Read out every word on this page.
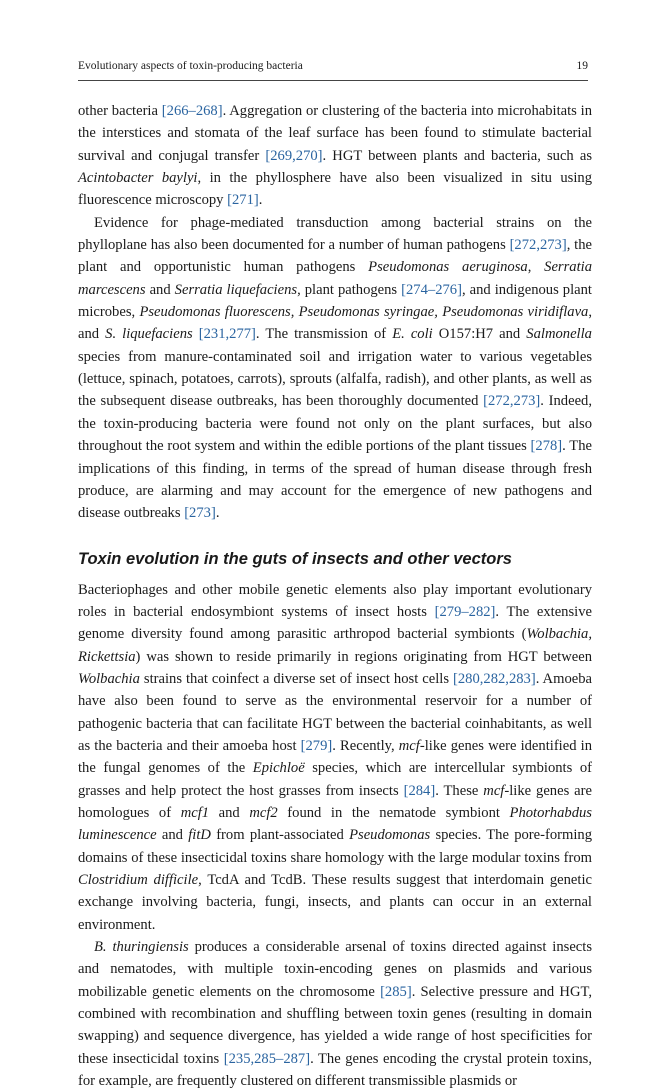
Evolutionary aspects of toxin-producing bacteria	19

other bacteria [266–268]. Aggregation or clustering of the bacteria into microhabitats in the interstices and stomata of the leaf surface has been found to stimulate bacterial survival and conjugal transfer [269,270]. HGT between plants and bacteria, such as Acintobacter baylyi, in the phyllosphere have also been visualized in situ using fluorescence microscopy [271].

Evidence for phage-mediated transduction among bacterial strains on the phylloplane has also been documented for a number of human pathogens [272,273], the plant and opportunistic human pathogens Pseudomonas aeruginosa, Serratia marcescens and Serratia liquefaciens, plant pathogens [274–276], and indigenous plant microbes, Pseudomonas fluorescens, Pseudomonas syringae, Pseudomonas viridiflava, and S. liquefaciens [231,277]. The transmission of E. coli O157:H7 and Salmonella species from manure-contaminated soil and irrigation water to various vegetables (lettuce, spinach, potatoes, carrots), sprouts (alfalfa, radish), and other plants, as well as the subsequent disease outbreaks, has been thoroughly documented [272,273]. Indeed, the toxin-producing bacteria were found not only on the plant surfaces, but also throughout the root system and within the edible portions of the plant tissues [278]. The implications of this finding, in terms of the spread of human disease through fresh produce, are alarming and may account for the emergence of new pathogens and disease outbreaks [273].

Toxin evolution in the guts of insects and other vectors

Bacteriophages and other mobile genetic elements also play important evolutionary roles in bacterial endosymbiont systems of insect hosts [279–282]. The extensive genome diversity found among parasitic arthropod bacterial symbionts (Wolbachia, Rickettsia) was shown to reside primarily in regions originating from HGT between Wolbachia strains that coinfect a diverse set of insect host cells [280,282,283]. Amoeba have also been found to serve as the environmental reservoir for a number of pathogenic bacteria that can facilitate HGT between the bacterial coinhabitants, as well as the bacteria and their amoeba host [279]. Recently, mcf-like genes were identified in the fungal genomes of the Epichloë species, which are intercellular symbionts of grasses and help protect the host grasses from insects [284]. These mcf-like genes are homologues of mcf1 and mcf2 found in the nematode symbiont Photorhabdus luminescence and fitD from plant-associated Pseudomonas species. The pore-forming domains of these insecticidal toxins share homology with the large modular toxins from Clostridium difficile, TcdA and TcdB. These results suggest that interdomain genetic exchange involving bacteria, fungi, insects, and plants can occur in an external environment.

B. thuringiensis produces a considerable arsenal of toxins directed against insects and nematodes, with multiple toxin-encoding genes on plasmids and various mobilizable genetic elements on the chromosome [285]. Selective pressure and HGT, combined with recombination and shuffling between toxin genes (resulting in domain swapping) and sequence divergence, has yielded a wide range of host specificities for these insecticidal toxins [235,285–287]. The genes encoding the crystal protein toxins, for example, are frequently clustered on different transmissible plasmids or
